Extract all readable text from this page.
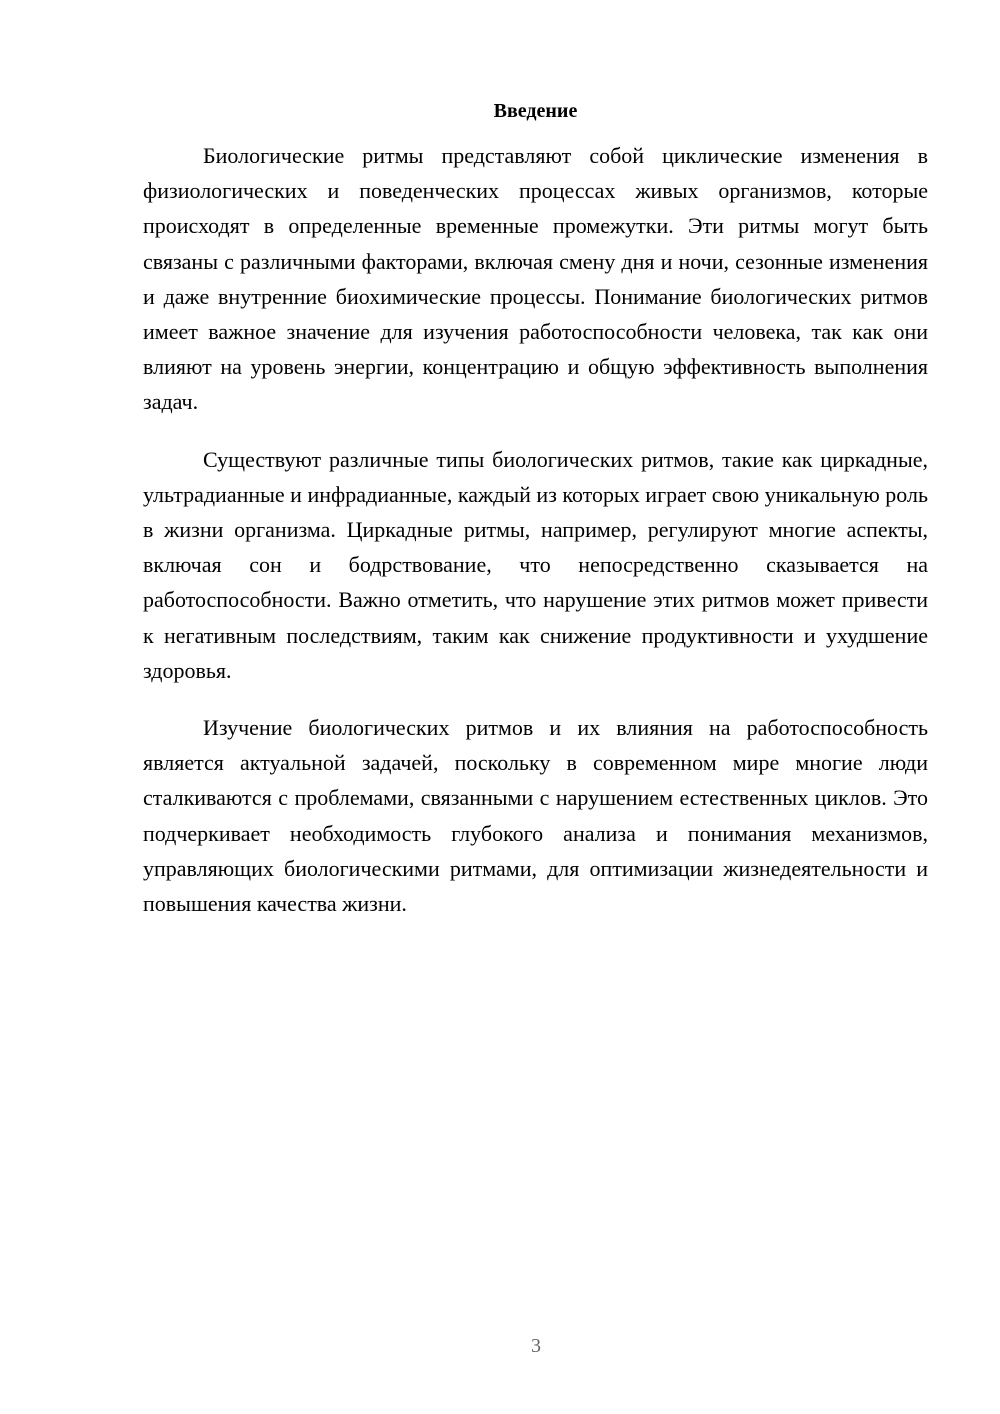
Введение

Биологические ритмы представляют собой циклические изменения в физиологических и поведенческих процессах живых организмов, которые происходят в определенные временные промежутки. Эти ритмы могут быть связаны с различными факторами, включая смену дня и ночи, сезонные изменения и даже внутренние биохимические процессы. Понимание биологических ритмов имеет важное значение для изучения работоспособности человека, так как они влияют на уровень энергии, концентрацию и общую эффективность выполнения задач.

Существуют различные типы биологических ритмов, такие как циркадные, ультрадианные и инфрадианные, каждый из которых играет свою уникальную роль в жизни организма. Циркадные ритмы, например, регулируют многие аспекты, включая сон и бодрствование, что непосредственно сказывается на работоспособности. Важно отметить, что нарушение этих ритмов может привести к негативным последствиям, таким как снижение продуктивности и ухудшение здоровья.

Изучение биологических ритмов и их влияния на работоспособность является актуальной задачей, поскольку в современном мире многие люди сталкиваются с проблемами, связанными с нарушением естественных циклов. Это подчеркивает необходимость глубокого анализа и понимания механизмов, управляющих биологическими ритмами, для оптимизации жизнедеятельности и повышения качества жизни.

3
